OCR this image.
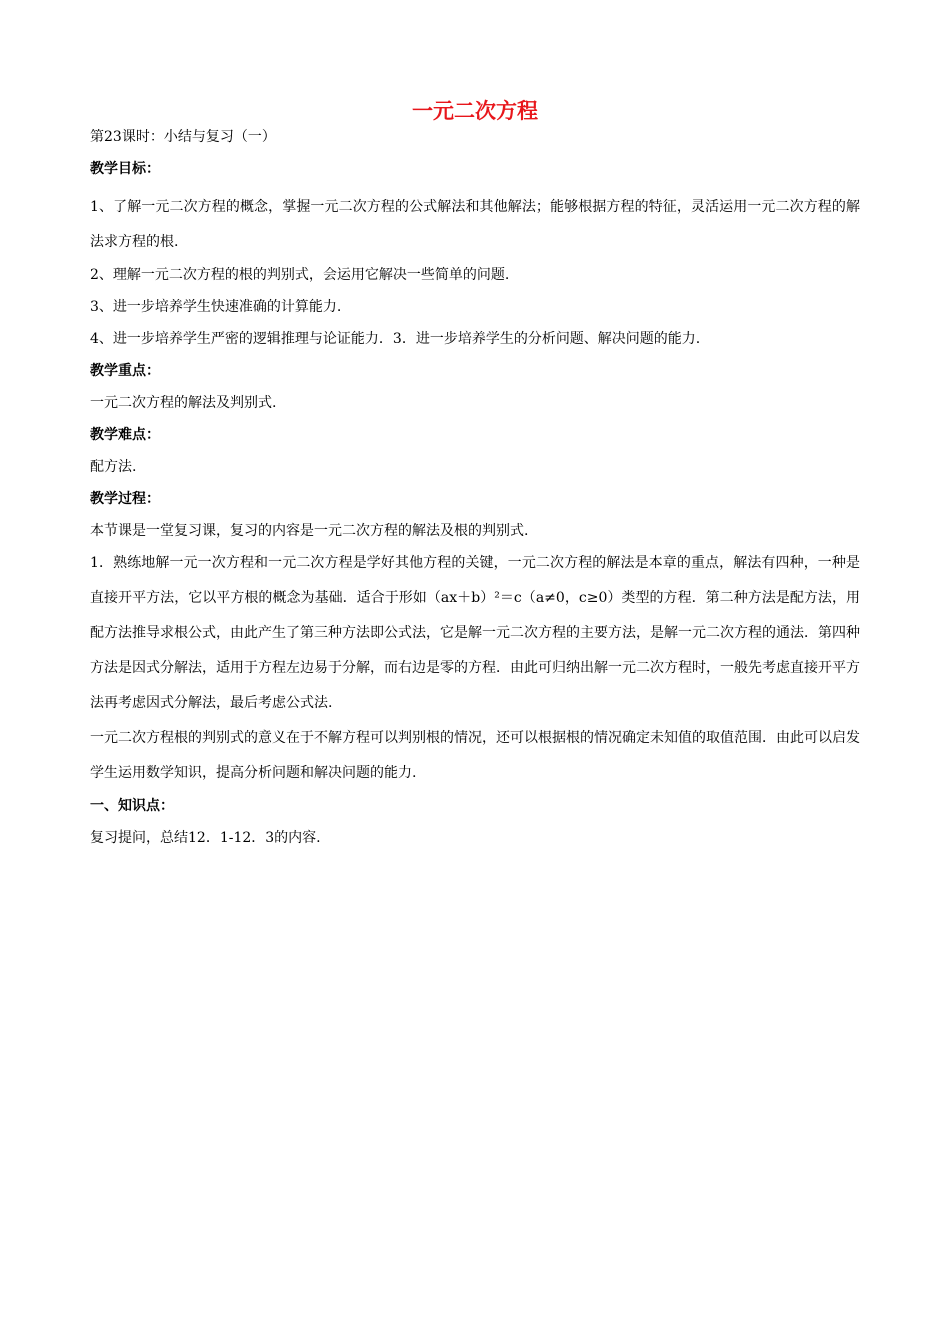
一元二次方程

第23课时：小结与复习（一）

教学目标：

1、了解一元二次方程的概念，掌握一元二次方程的公式解法和其他解法；能够根据方程的特征，灵活运用一元二次方程的解法求方程的根.

2、理解一元二次方程的根的判别式，会运用它解决一些简单的问题.

3、进一步培养学生快速准确的计算能力.

4、进一步培养学生严密的逻辑推理与论证能力．3．进一步培养学生的分析问题、解决问题的能力.

教学重点：

一元二次方程的解法及判别式.

教学难点：

配方法.

教学过程：

本节课是一堂复习课，复习的内容是一元二次方程的解法及根的判别式.

1．熟练地解一元一次方程和一元二次方程是学好其他方程的关键，一元二次方程的解法是本章的重点，解法有四种，一种是直接开平方法，它以平方根的概念为基础．适合于形如（ax＋b）²＝c（a≠0，c≥0）类型的方程．第二种方法是配方法，用配方法推导求根公式，由此产生了第三种方法即公式法，它是解一元二次方程的主要方法，是解一元二次方程的通法．第四种方法是因式分解法，适用于方程左边易于分解，而右边是零的方程．由此可归纳出解一元二次方程时，一般先考虑直接开平方法再考虑因式分解法，最后考虑公式法.

一元二次方程根的判别式的意义在于不解方程可以判别根的情况，还可以根据根的情况确定未知值的取值范围．由此可以启发学生运用数学知识，提高分析问题和解决问题的能力.

一、知识点：

复习提问，总结12．1-12．3的内容.
